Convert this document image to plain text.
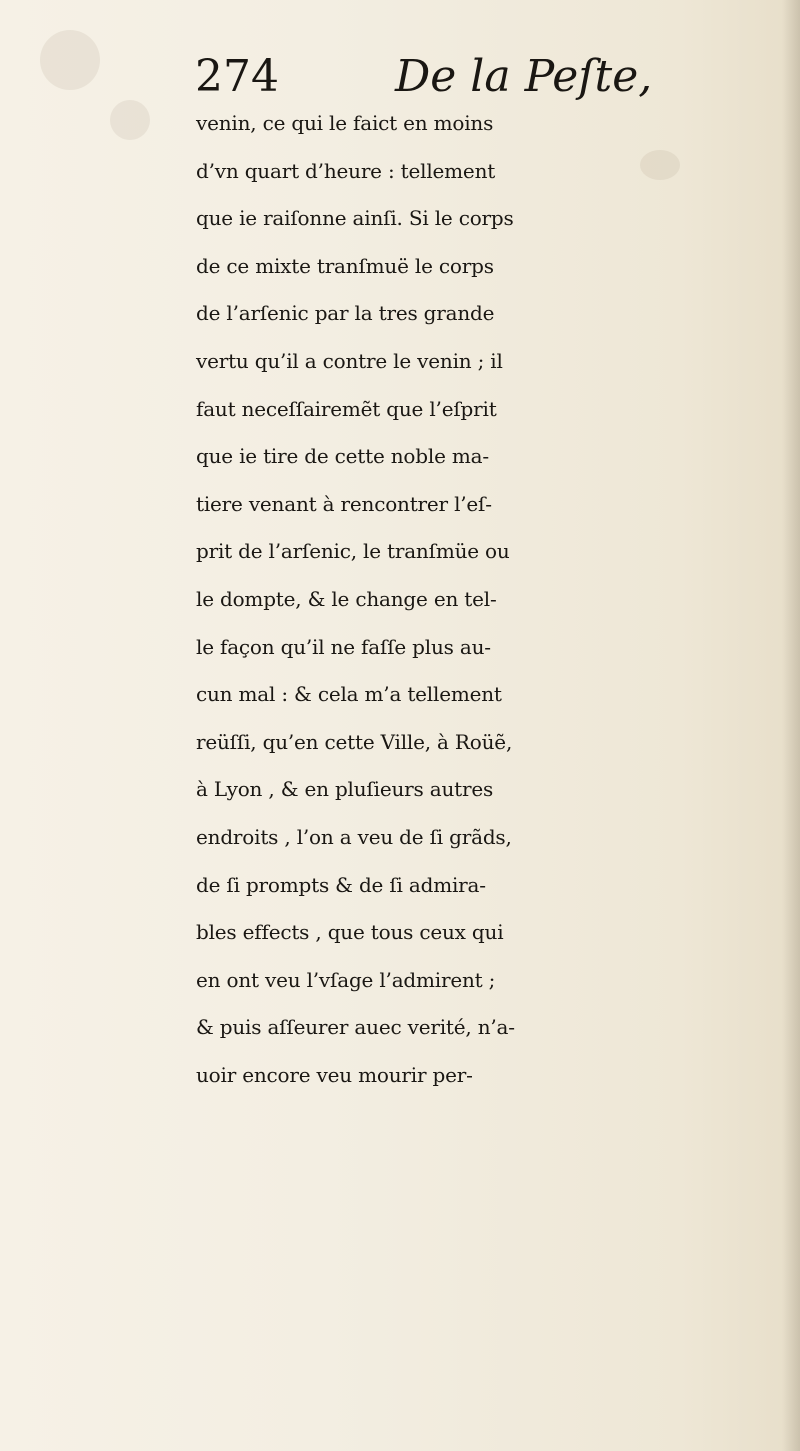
274	De la Peſte,
venin, ce qui le faict en moins
d’vn quart d’heure : tellement
que ie raiſonne ainſi. Si le corps
de ce mixte tranſmuë le corps
de l’arſenic par la tres grande
vertu qu’il a contre le venin ; il
faut neceſſairemẽt que l’eſprit
que ie tire de cette noble ma-
tiere venant à rencontrer l’eſ-
prit de l’arſenic, le tranſmüe ou
le dompte, & le change en tel-
le façon qu’il ne faſſe plus au-
cun mal : & cela m’a tellement
reüſſi, qu’en cette Ville, à Roüẽ,
à Lyon , & en pluſieurs autres
endroits , l’on a veu de ſi grãds,
de ſi prompts & de ſi admira-
bles effects , que tous ceux qui
en ont veu l’vſage l’admirent ;
& puis aſſeurer auec verité, n’a-
uoir encore veu mourir per-
